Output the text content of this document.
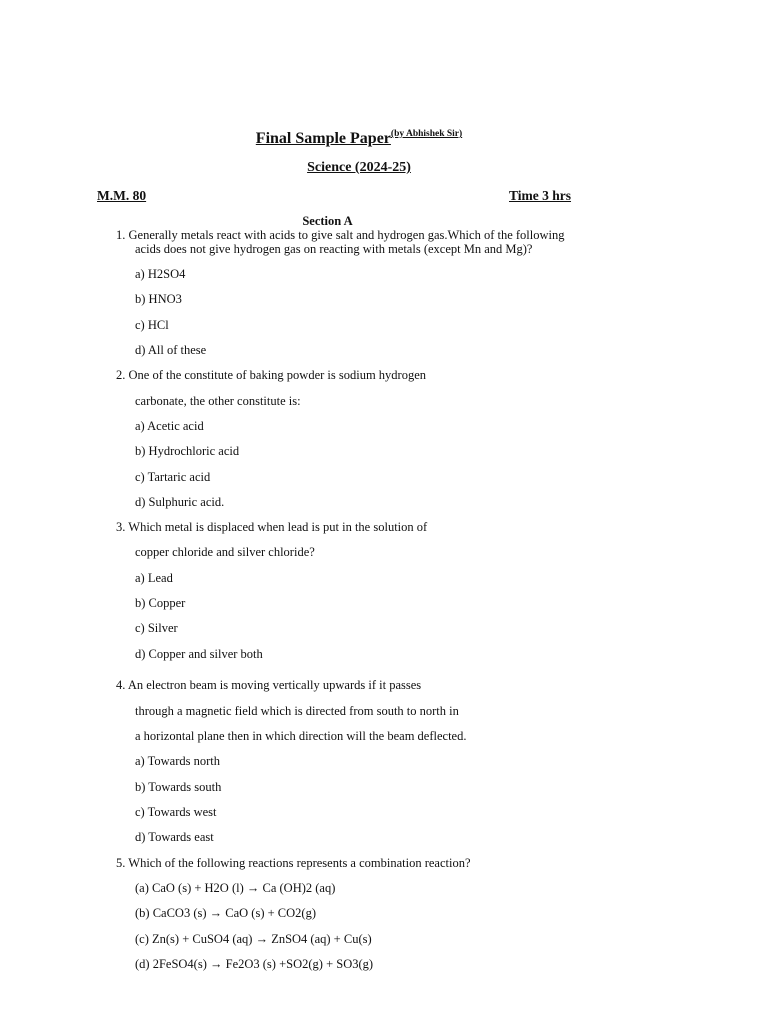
Final Sample Paper$^{(by Abhishek Sir)}$
Science (2024-25)
M.M. 80	Time 3 hrs
Section A
1. Generally metals react with acids to give salt and hydrogen gas.Which of the following
acids does not give hydrogen gas on reacting with metals (except Mn and Mg)?
a) H2SO4
b) HNO3
c) HCl
d) All of these
2. One of the constitute of baking powder is sodium hydrogen
carbonate, the other constitute is:
a) Acetic acid
b) Hydrochloric acid
c) Tartaric acid
d) Sulphuric acid.
3. Which metal is displaced when lead is put in the solution of
copper chloride and silver chloride?
a) Lead
b) Copper
c) Silver
d) Copper and silver both
4. An electron beam is moving vertically upwards if it passes
through a magnetic field which is directed from south to north in
a horizontal plane then in which direction will the beam deflected.
a) Towards north
b) Towards south
c) Towards west
d) Towards east
5. Which of the following reactions represents a combination reaction?
(a) CaO (s) + H2O (l) → Ca (OH)2 (aq)
(b) CaCO3 (s) → CaO (s) + CO2(g)
(c) Zn(s) + CuSO4 (aq) → ZnSO4 (aq) + Cu(s)
(d) 2FeSO4(s) → Fe2O3 (s) +SO2(g) + SO3(g)
